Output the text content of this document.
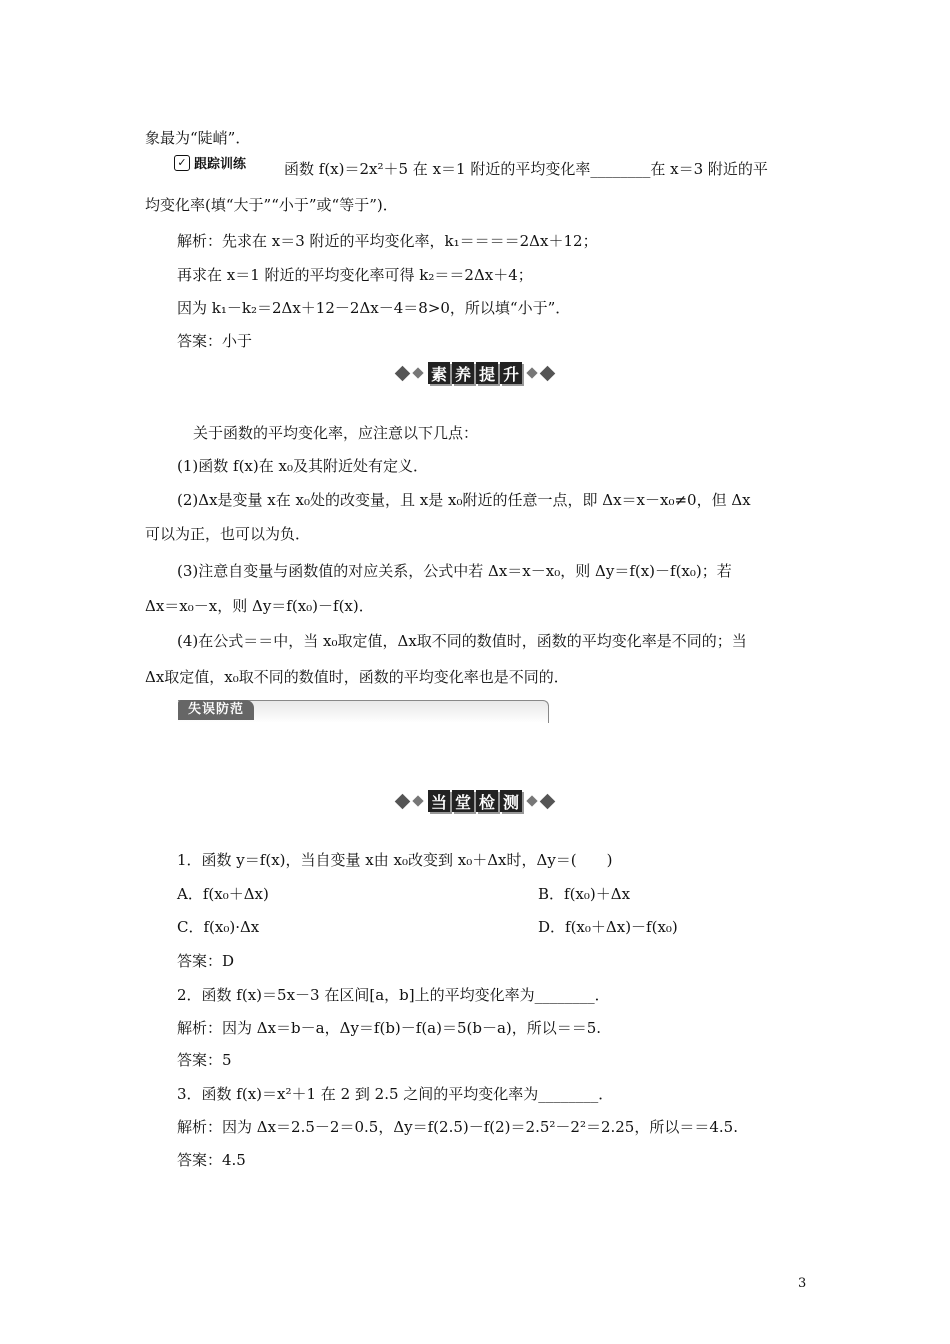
象最为“陡峭”．
✓ 跟踪训练	函数 f(x)＝2x²＋5 在 x＝1 附近的平均变化率________在 x＝3 附近的平
均变化率(填“大于”“小于”或“等于”)．
解析：先求在 x＝3 附近的平均变化率，k₁＝＝＝＝2Δx＋12；
再求在 x＝1 附近的平均变化率可得 k₂＝＝2Δx＋4；
因为 k₁－k₂＝2Δx＋12－2Δx－4＝8>0，所以填“小于”．
答案：小于
素 养 提 升
关于函数的平均变化率，应注意以下几点：
(1)函数 f(x)在 x₀及其附近处有定义．
(2)Δx是变量 x在 x₀处的改变量，且 x是 x₀附近的任意一点，即 Δx＝x－x₀≠0，但 Δx
可以为正，也可以为负．
(3)注意自变量与函数值的对应关系，公式中若 Δx＝x－x₀，则 Δy＝f(x)－f(x₀)；若
Δx＝x₀－x，则 Δy＝f(x₀)－f(x)．
(4)在公式＝＝中，当 x₀取定值，Δx取不同的数值时，函数的平均变化率是不同的；当
Δx取定值，x₀取不同的数值时，函数的平均变化率也是不同的．
失误防范
当 堂 检 测
1．函数 y＝f(x)，当自变量 x由 x₀改变到 x₀＋Δx时，Δy＝(　　)
A．f(x₀＋Δx)	B．f(x₀)＋Δx
C．f(x₀)·Δx	D．f(x₀＋Δx)－f(x₀)
答案：D
2．函数 f(x)＝5x－3 在区间[a，b]上的平均变化率为________．
解析：因为 Δx＝b－a，Δy＝f(b)－f(a)＝5(b－a)，所以＝＝5.
答案：5
3．函数 f(x)＝x²＋1 在 2 到 2.5 之间的平均变化率为________．
解析：因为 Δx＝2.5－2＝0.5，Δy＝f(2.5)－f(2)＝2.5²－2²＝2.25，所以＝＝4.5.
答案：4.5
3
